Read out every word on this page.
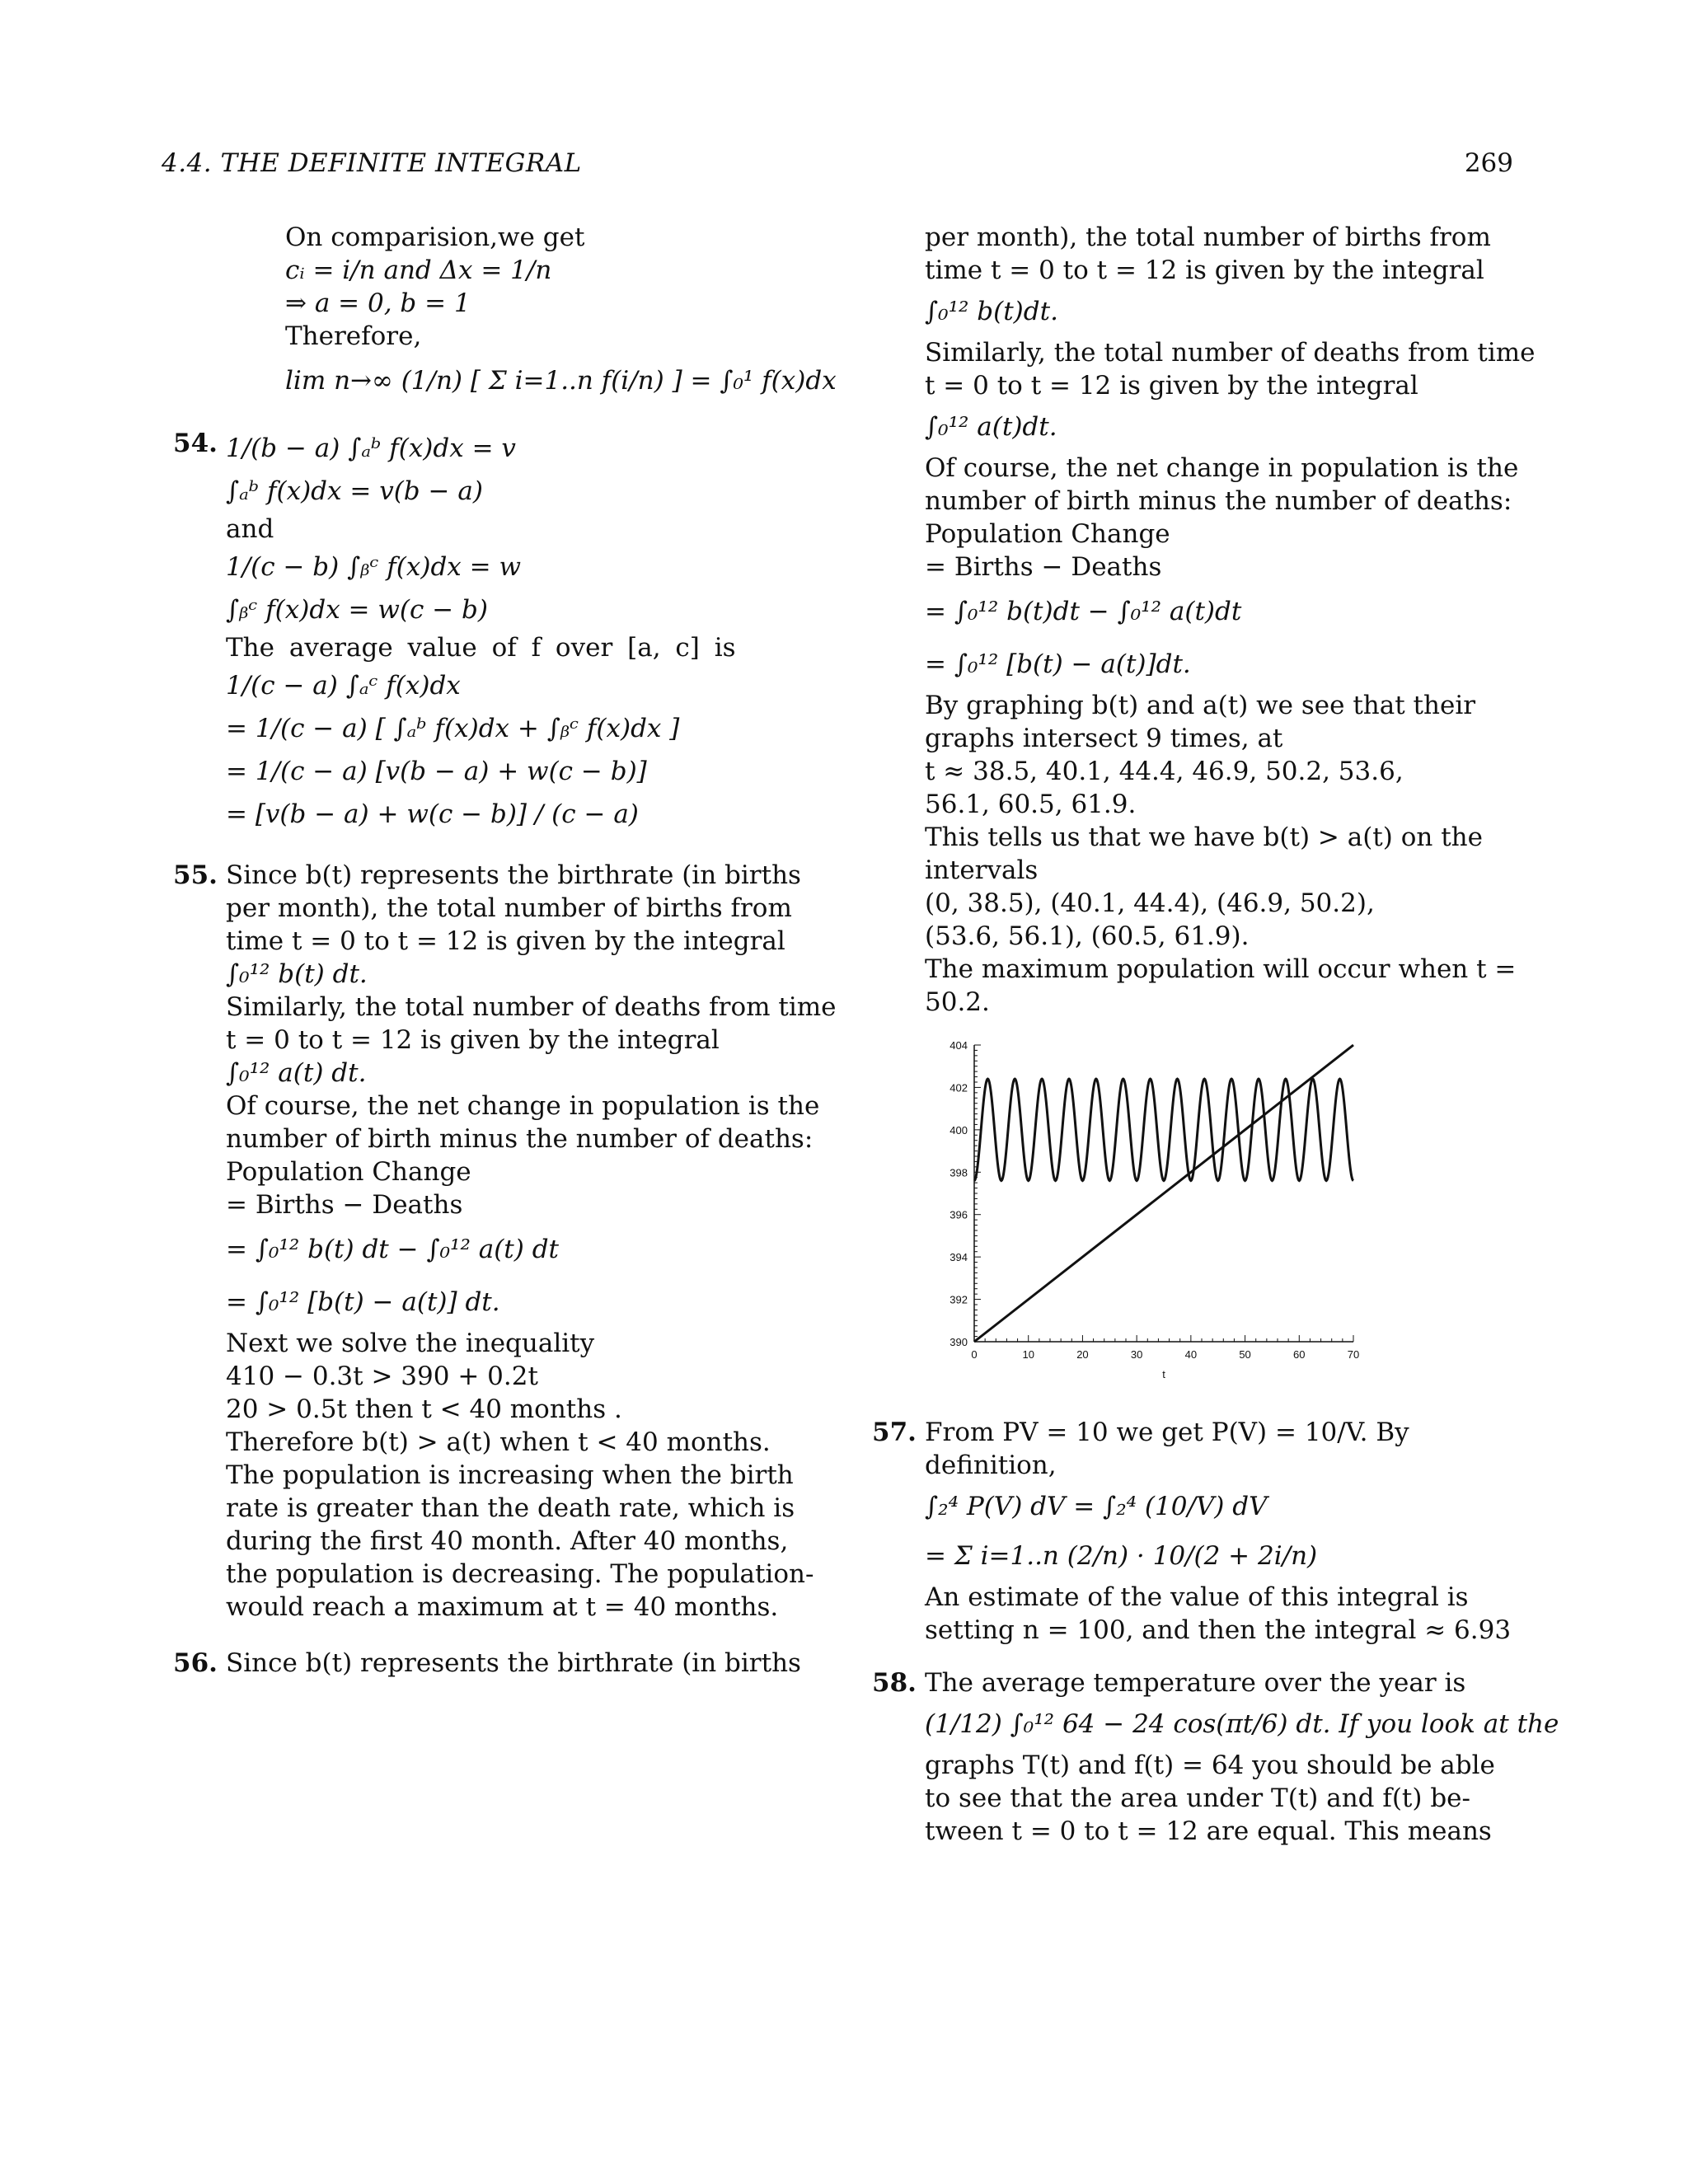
4.4. THE DEFINITE INTEGRAL	269
On comparision,we get
cᵢ = i/n and Δx = 1/n
⇒ a = 0, b = 1
Therefore,
lim n→∞ (1/n) [ Σ i=1..n f(i/n) ] = ∫₀¹ f(x)dx
54. 1/(b − a) ∫ₐᵇ f(x)dx = v
∫ₐᵇ f(x)dx = v(b − a)
and
1/(c − b) ∫ᵦᶜ f(x)dx = w
∫ᵦᶜ f(x)dx = w(c − b)
The average value of f over [a, c] is
1/(c − a) ∫ₐᶜ f(x)dx
= 1/(c − a) [ ∫ₐᵇ f(x)dx + ∫ᵦᶜ f(x)dx ]
= 1/(c − a) [v(b − a) + w(c − b)]
= [v(b − a) + w(c − b)] / (c − a)
55. Since b(t) represents the birthrate (in births
per month), the total number of births from
time t = 0 to t = 12 is given by the integral
∫₀¹² b(t) dt.
Similarly, the total number of deaths from time
t = 0 to t = 12 is given by the integral
∫₀¹² a(t) dt.
Of course, the net change in population is the
number of birth minus the number of deaths:
Population Change
= Births − Deaths
= ∫₀¹² b(t) dt − ∫₀¹² a(t) dt
= ∫₀¹² [b(t) − a(t)] dt.
Next we solve the inequality
410 − 0.3t > 390 + 0.2t
20 > 0.5t then t < 40 months .
Therefore b(t) > a(t) when t < 40 months.
The population is increasing when the birth
rate is greater than the death rate, which is
during the first 40 month. After 40 months,
the population is decreasing. The population-
would reach a maximum at t = 40 months.
56. Since b(t) represents the birthrate (in births
per month), the total number of births from
time t = 0 to t = 12 is given by the integral
∫₀¹² b(t)dt.
Similarly, the total number of deaths from time
t = 0 to t = 12 is given by the integral
∫₀¹² a(t)dt.
Of course, the net change in population is the
number of birth minus the number of deaths:
Population Change
= Births − Deaths
= ∫₀¹² b(t)dt − ∫₀¹² a(t)dt
= ∫₀¹² [b(t) − a(t)]dt.
By graphing b(t) and a(t) we see that their
graphs intersect 9 times, at
t ≈ 38.5, 40.1, 44.4, 46.9, 50.2, 53.6,
56.1, 60.5, 61.9.
This tells us that we have b(t) > a(t) on the
intervals
(0, 38.5), (40.1, 44.4), (46.9, 50.2),
(53.6, 56.1), (60.5, 61.9).
The maximum population will occur when t =
50.2.
390
392
394
396
398
400
402
404
0	10	20	30	40	50	60	70
t
57. From PV = 10 we get P(V) = 10/V. By
definition,
∫₂⁴ P(V) dV = ∫₂⁴ (10/V) dV
= Σ i=1..n (2/n) · 10/(2 + 2i/n)
An estimate of the value of this integral is
setting n = 100, and then the integral ≈ 6.93
58. The average temperature over the year is
(1/12) ∫₀¹² 64 − 24 cos(πt/6) dt. If you look at the
graphs T(t) and f(t) = 64 you should be able
to see that the area under T(t) and f(t) be-
tween t = 0 to t = 12 are equal. This means
